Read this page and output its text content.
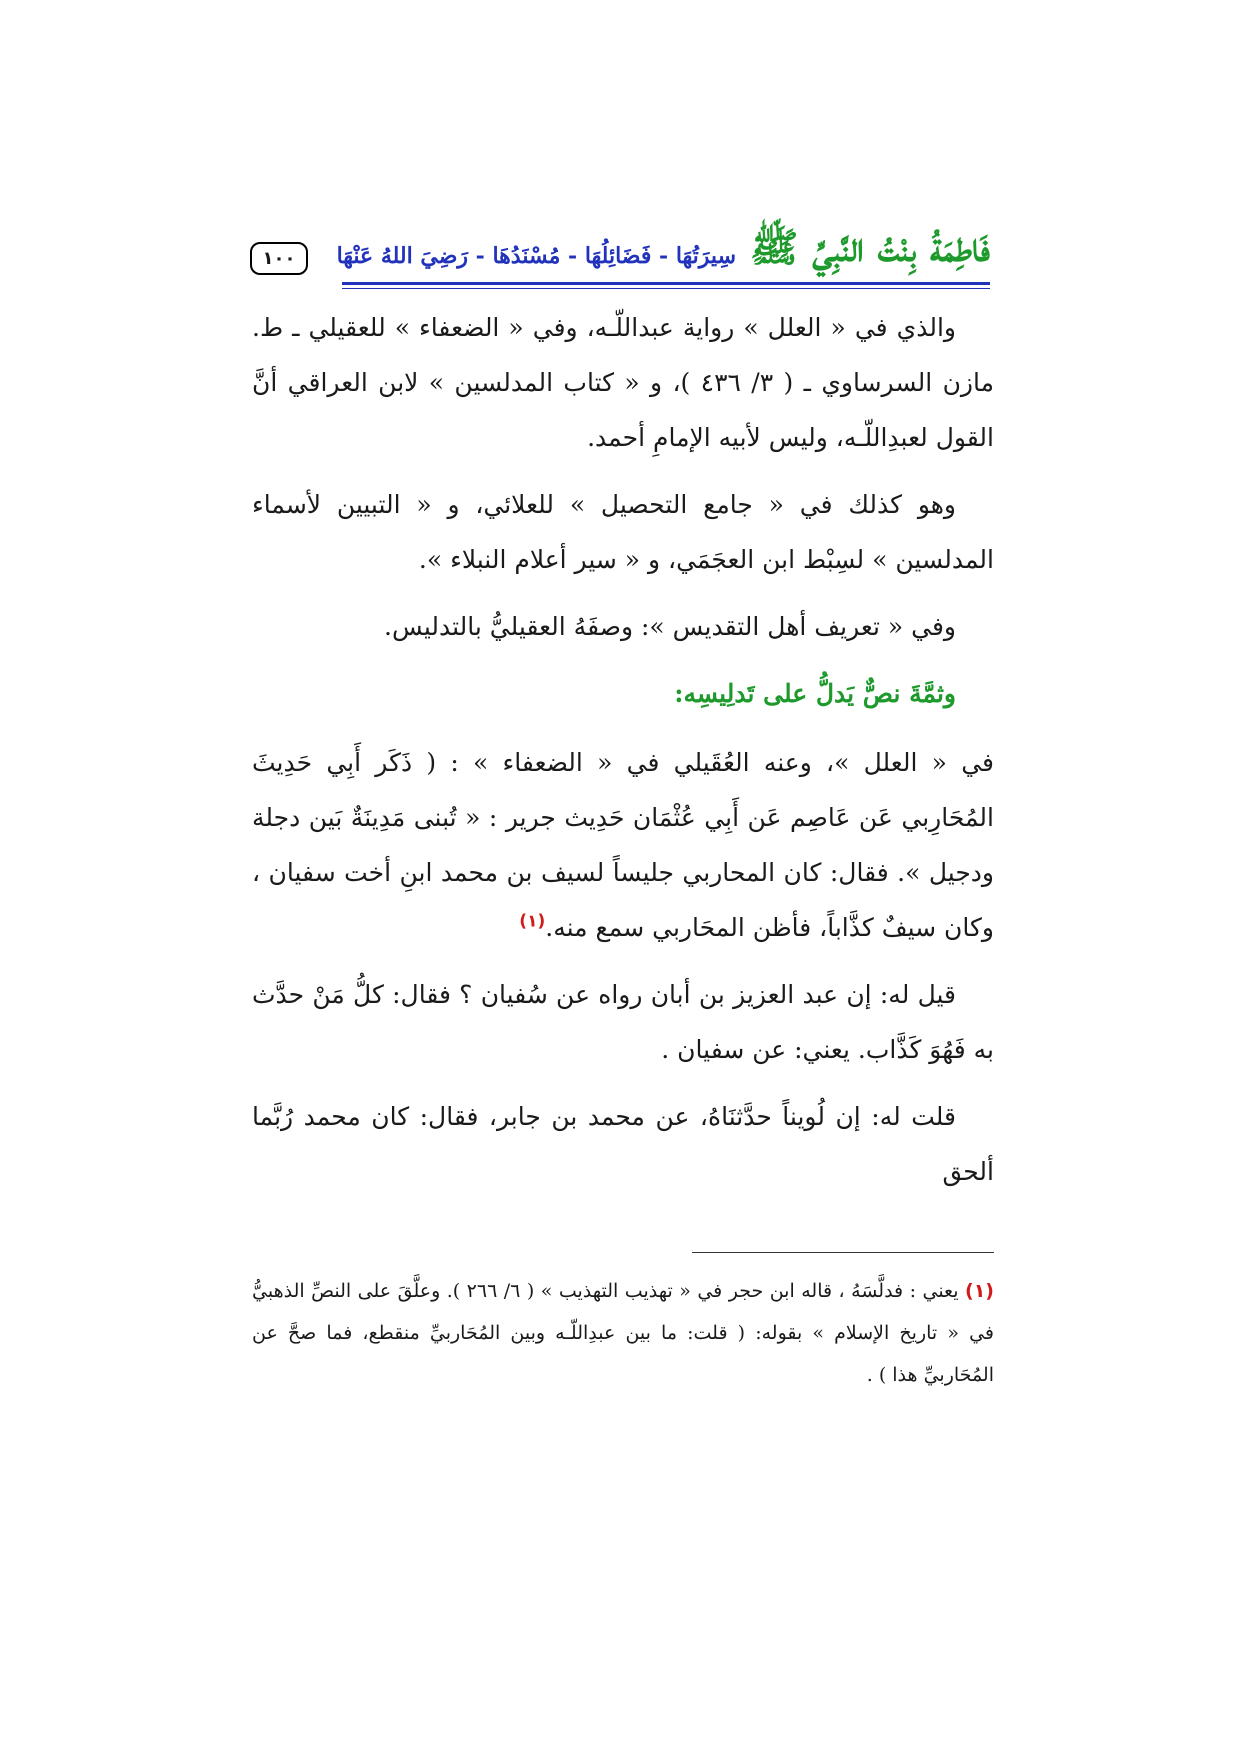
١٠٠	فَاطِمَةُ بِنْتُ النَّبِيِّ ﷺ
سِيرَتُهَا - فَضَائِلُهَا - مُسْنَدُهَا - رَضِيَ اللهُ عَنْهَا

والذي في « العلل » رواية عبداللّـه، وفي « الضعفاء » للعقيلي ـ ط. مازن السرساوي ـ ( ٣/ ٤٣٦ )، و « كتاب المدلسين » لابن العراقي أنَّ القول لعبدِاللّـه، وليس لأبيه الإمامِ أحمد.

وهو كذلك في « جامع التحصيل » للعلائي، و « التبيين لأسماء المدلسين » لسِبْط ابن العجَمَي، و « سير أعلام النبلاء ».

وفي « تعريف أهل التقديس »: وصفَهُ العقيليُّ بالتدليس.

وثمَّةَ نصٌّ يَدلُّ على تَدلِيسِه:

في « العلل »، وعنه العُقَيلي في « الضعفاء » : ( ذَكَر أَبِي حَدِيثَ المُحَارِبي عَن عَاصِم عَن أَبِي عُثْمَان حَدِيث جرير : « تُبنى مَدِينَةٌ بَين دجلة ودجيل ». فقال: كان المحاربي جليساً لسيف بن محمد ابنِ أخت سفيان ، وكان سيفٌ كذَّاباً، فأظن المحَاربي سمع منه.$^{(١)}$

قيل له: إن عبد العزيز بن أبان رواه عن سُفيان ؟ فقال: كلُّ مَنْ حدَّث به فَهُوَ كَذَّاب. يعني: عن سفيان .

قلت له: إن لُويناً حدَّثنَاهُ، عن محمد بن جابر، فقال: كان محمد رُبَّما ألحق

(١) يعني : فدلَّسَهُ ، قاله ابن حجر في « تهذيب التهذيب » ( ٦/ ٢٦٦ ). وعلَّقَ على النصِّ الذهبيُّ في « تاريخ الإسلام » بقوله: ( قلت: ما بين عبدِاللّـه وبين المُحَاربيِّ منقطع، فما صحَّ عن المُحَاربيِّ هذا ) .
